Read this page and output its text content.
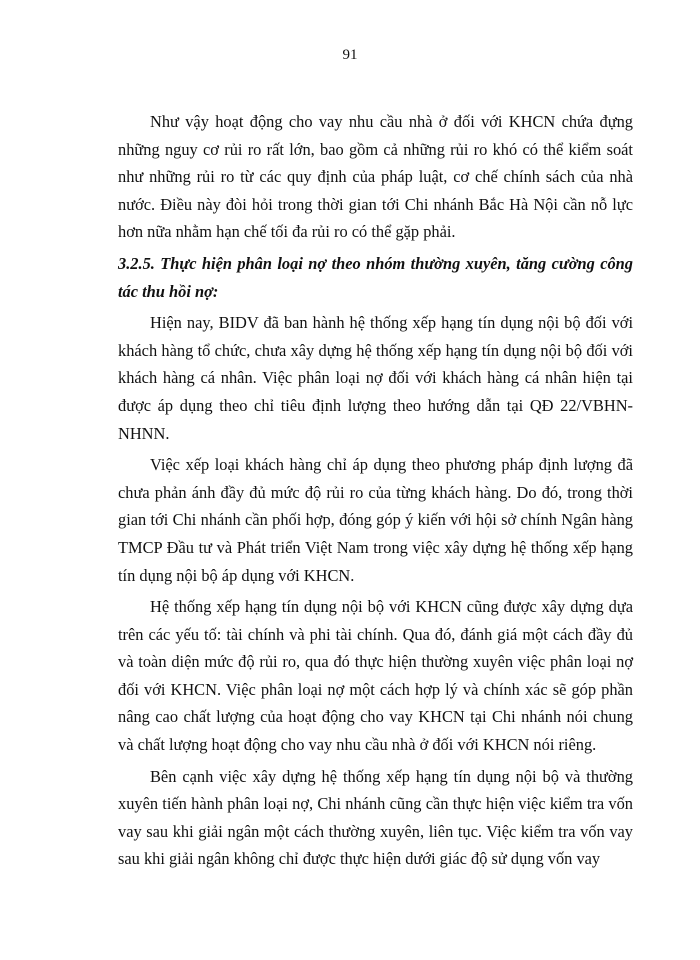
91

Như vậy hoạt động cho vay nhu cầu nhà ở đối với KHCN chứa đựng những nguy cơ rủi ro rất lớn, bao gồm cả những rủi ro khó có thể kiểm soát như những rủi ro từ các quy định của pháp luật, cơ chế chính sách của nhà nước. Điều này đòi hỏi trong thời gian tới Chi nhánh Bắc Hà Nội cần nỗ lực hơn nữa nhằm hạn chế tối đa rủi ro có thể gặp phải.

3.2.5. Thực hiện phân loại nợ theo nhóm thường xuyên, tăng cường công tác thu hồi nợ:

Hiện nay, BIDV đã ban hành hệ thống xếp hạng tín dụng nội bộ đối với khách hàng tổ chức, chưa xây dựng hệ thống xếp hạng tín dụng nội bộ đối với khách hàng cá nhân. Việc phân loại nợ đối với khách hàng cá nhân hiện tại được áp dụng theo chỉ tiêu định lượng theo hướng dẫn tại QĐ 22/VBHN-NHNN.

Việc xếp loại khách hàng chỉ áp dụng theo phương pháp định lượng đã chưa phản ánh đầy đủ mức độ rủi ro của từng khách hàng. Do đó, trong thời gian tới Chi nhánh cần phối hợp, đóng góp ý kiến với hội sở chính Ngân hàng TMCP Đầu tư và Phát triển Việt Nam trong việc xây dựng hệ thống xếp hạng tín dụng nội bộ áp dụng với KHCN.

Hệ thống xếp hạng tín dụng nội bộ với KHCN cũng được xây dựng dựa trên các yếu tố: tài chính và phi tài chính. Qua đó, đánh giá một cách đầy đủ và toàn diện mức độ rủi ro, qua đó thực hiện thường xuyên việc phân loại nợ đối với KHCN. Việc phân loại nợ một cách hợp lý và chính xác sẽ góp phần nâng cao chất lượng của hoạt động cho vay KHCN tại Chi nhánh nói chung và chất lượng hoạt động cho vay nhu cầu nhà ở đối với KHCN nói riêng.

Bên cạnh việc xây dựng hệ thống xếp hạng tín dụng nội bộ và thường xuyên tiến hành phân loại nợ, Chi nhánh cũng cần thực hiện việc kiểm tra vốn vay sau khi giải ngân một cách thường xuyên, liên tục. Việc kiểm tra vốn vay sau khi giải ngân không chỉ được thực hiện dưới giác độ sử dụng vốn vay
